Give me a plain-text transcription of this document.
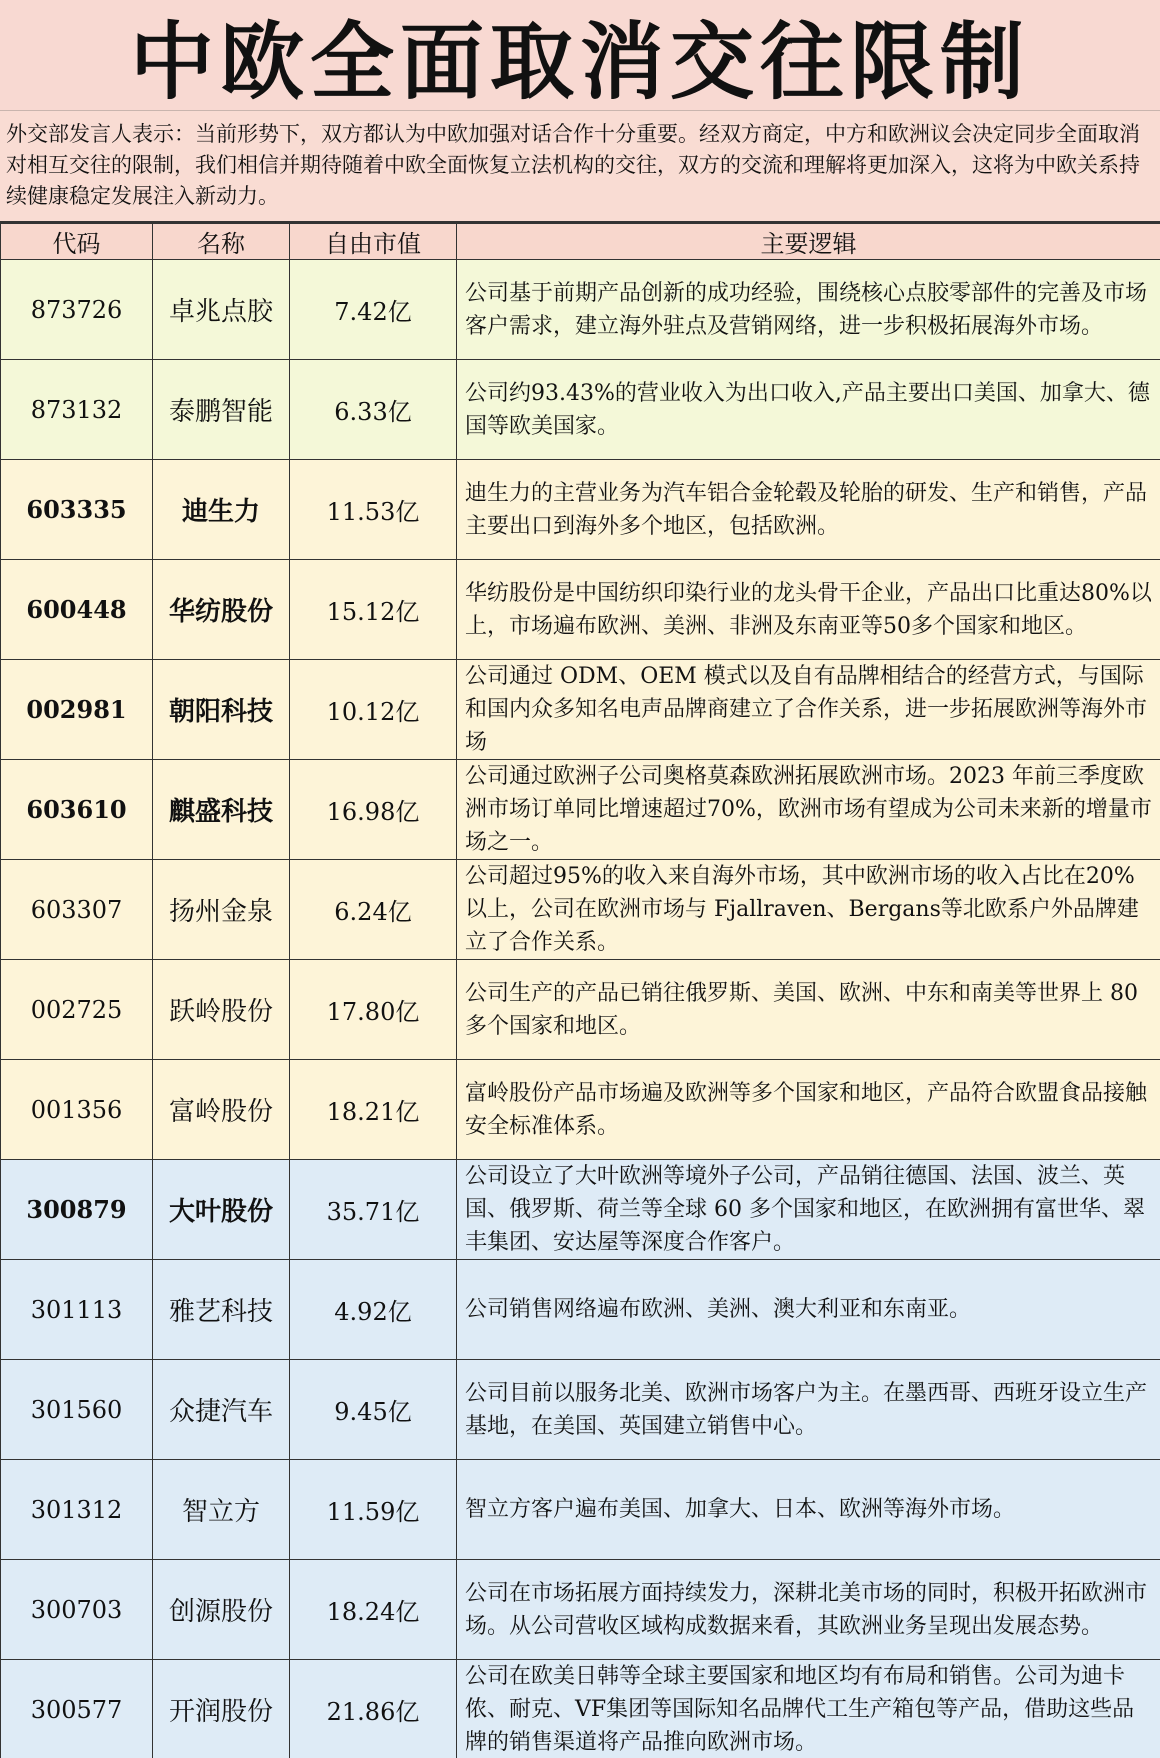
中欧全面取消交往限制
外交部发言人表示：当前形势下，双方都认为中欧加强对话合作十分重要。经双方商定，中方和欧洲议会决定同步全面取消对相互交往的限制，我们相信并期待随着中欧全面恢复立法机构的交往，双方的交流和理解将更加深入，这将为中欧关系持续健康稳定发展注入新动力。
代码	名称	自由市值	主要逻辑
873726	卓兆点胶	7.42亿	公司基于前期产品创新的成功经验，围绕核心点胶零部件的完善及市场客户需求，建立海外驻点及营销网络，进一步积极拓展海外市场。
873132	泰鹏智能	6.33亿	公司约93.43%的营业收入为出口收入,产品主要出口美国、加拿大、德国等欧美国家。
603335	迪生力	11.53亿	迪生力的主营业务为汽车铝合金轮毂及轮胎的研发、生产和销售，产品主要出口到海外多个地区，包括欧洲。
600448	华纺股份	15.12亿	华纺股份是中国纺织印染行业的龙头骨干企业，产品出口比重达80%以上，市场遍布欧洲、美洲、非洲及东南亚等50多个国家和地区。
002981	朝阳科技	10.12亿	公司通过 ODM、OEM 模式以及自有品牌相结合的经营方式，与国际和国内众多知名电声品牌商建立了合作关系，进一步拓展欧洲等海外市场
603610	麒盛科技	16.98亿	公司通过欧洲子公司奥格莫森欧洲拓展欧洲市场。2023 年前三季度欧洲市场订单同比增速超过70%，欧洲市场有望成为公司未来新的增量市场之一。
603307	扬州金泉	6.24亿	公司超过95%的收入来自海外市场，其中欧洲市场的收入占比在20%以上，公司在欧洲市场与 Fjallraven、Bergans等北欧系户外品牌建立了合作关系。
002725	跃岭股份	17.80亿	公司生产的产品已销往俄罗斯、美国、欧洲、中东和南美等世界上 80多个国家和地区。
001356	富岭股份	18.21亿	富岭股份产品市场遍及欧洲等多个国家和地区，产品符合欧盟食品接触安全标准体系。
300879	大叶股份	35.71亿	公司设立了大叶欧洲等境外子公司，产品销往德国、法国、波兰、英国、俄罗斯、荷兰等全球 60 多个国家和地区，在欧洲拥有富世华、翠丰集团、安达屋等深度合作客户。
301113	雅艺科技	4.92亿	公司销售网络遍布欧洲、美洲、澳大利亚和东南亚。
301560	众捷汽车	9.45亿	公司目前以服务北美、欧洲市场客户为主。在墨西哥、西班牙设立生产基地，在美国、英国建立销售中心。
301312	智立方	11.59亿	智立方客户遍布美国、加拿大、日本、欧洲等海外市场。
300703	创源股份	18.24亿	公司在市场拓展方面持续发力，深耕北美市场的同时，积极开拓欧洲市场。从公司营收区域构成数据来看，其欧洲业务呈现出发展态势。
300577	开润股份	21.86亿	公司在欧美日韩等全球主要国家和地区均有布局和销售。公司为迪卡侬、耐克、VF集团等国际知名品牌代工生产箱包等产品，借助这些品牌的销售渠道将产品推向欧洲市场。
